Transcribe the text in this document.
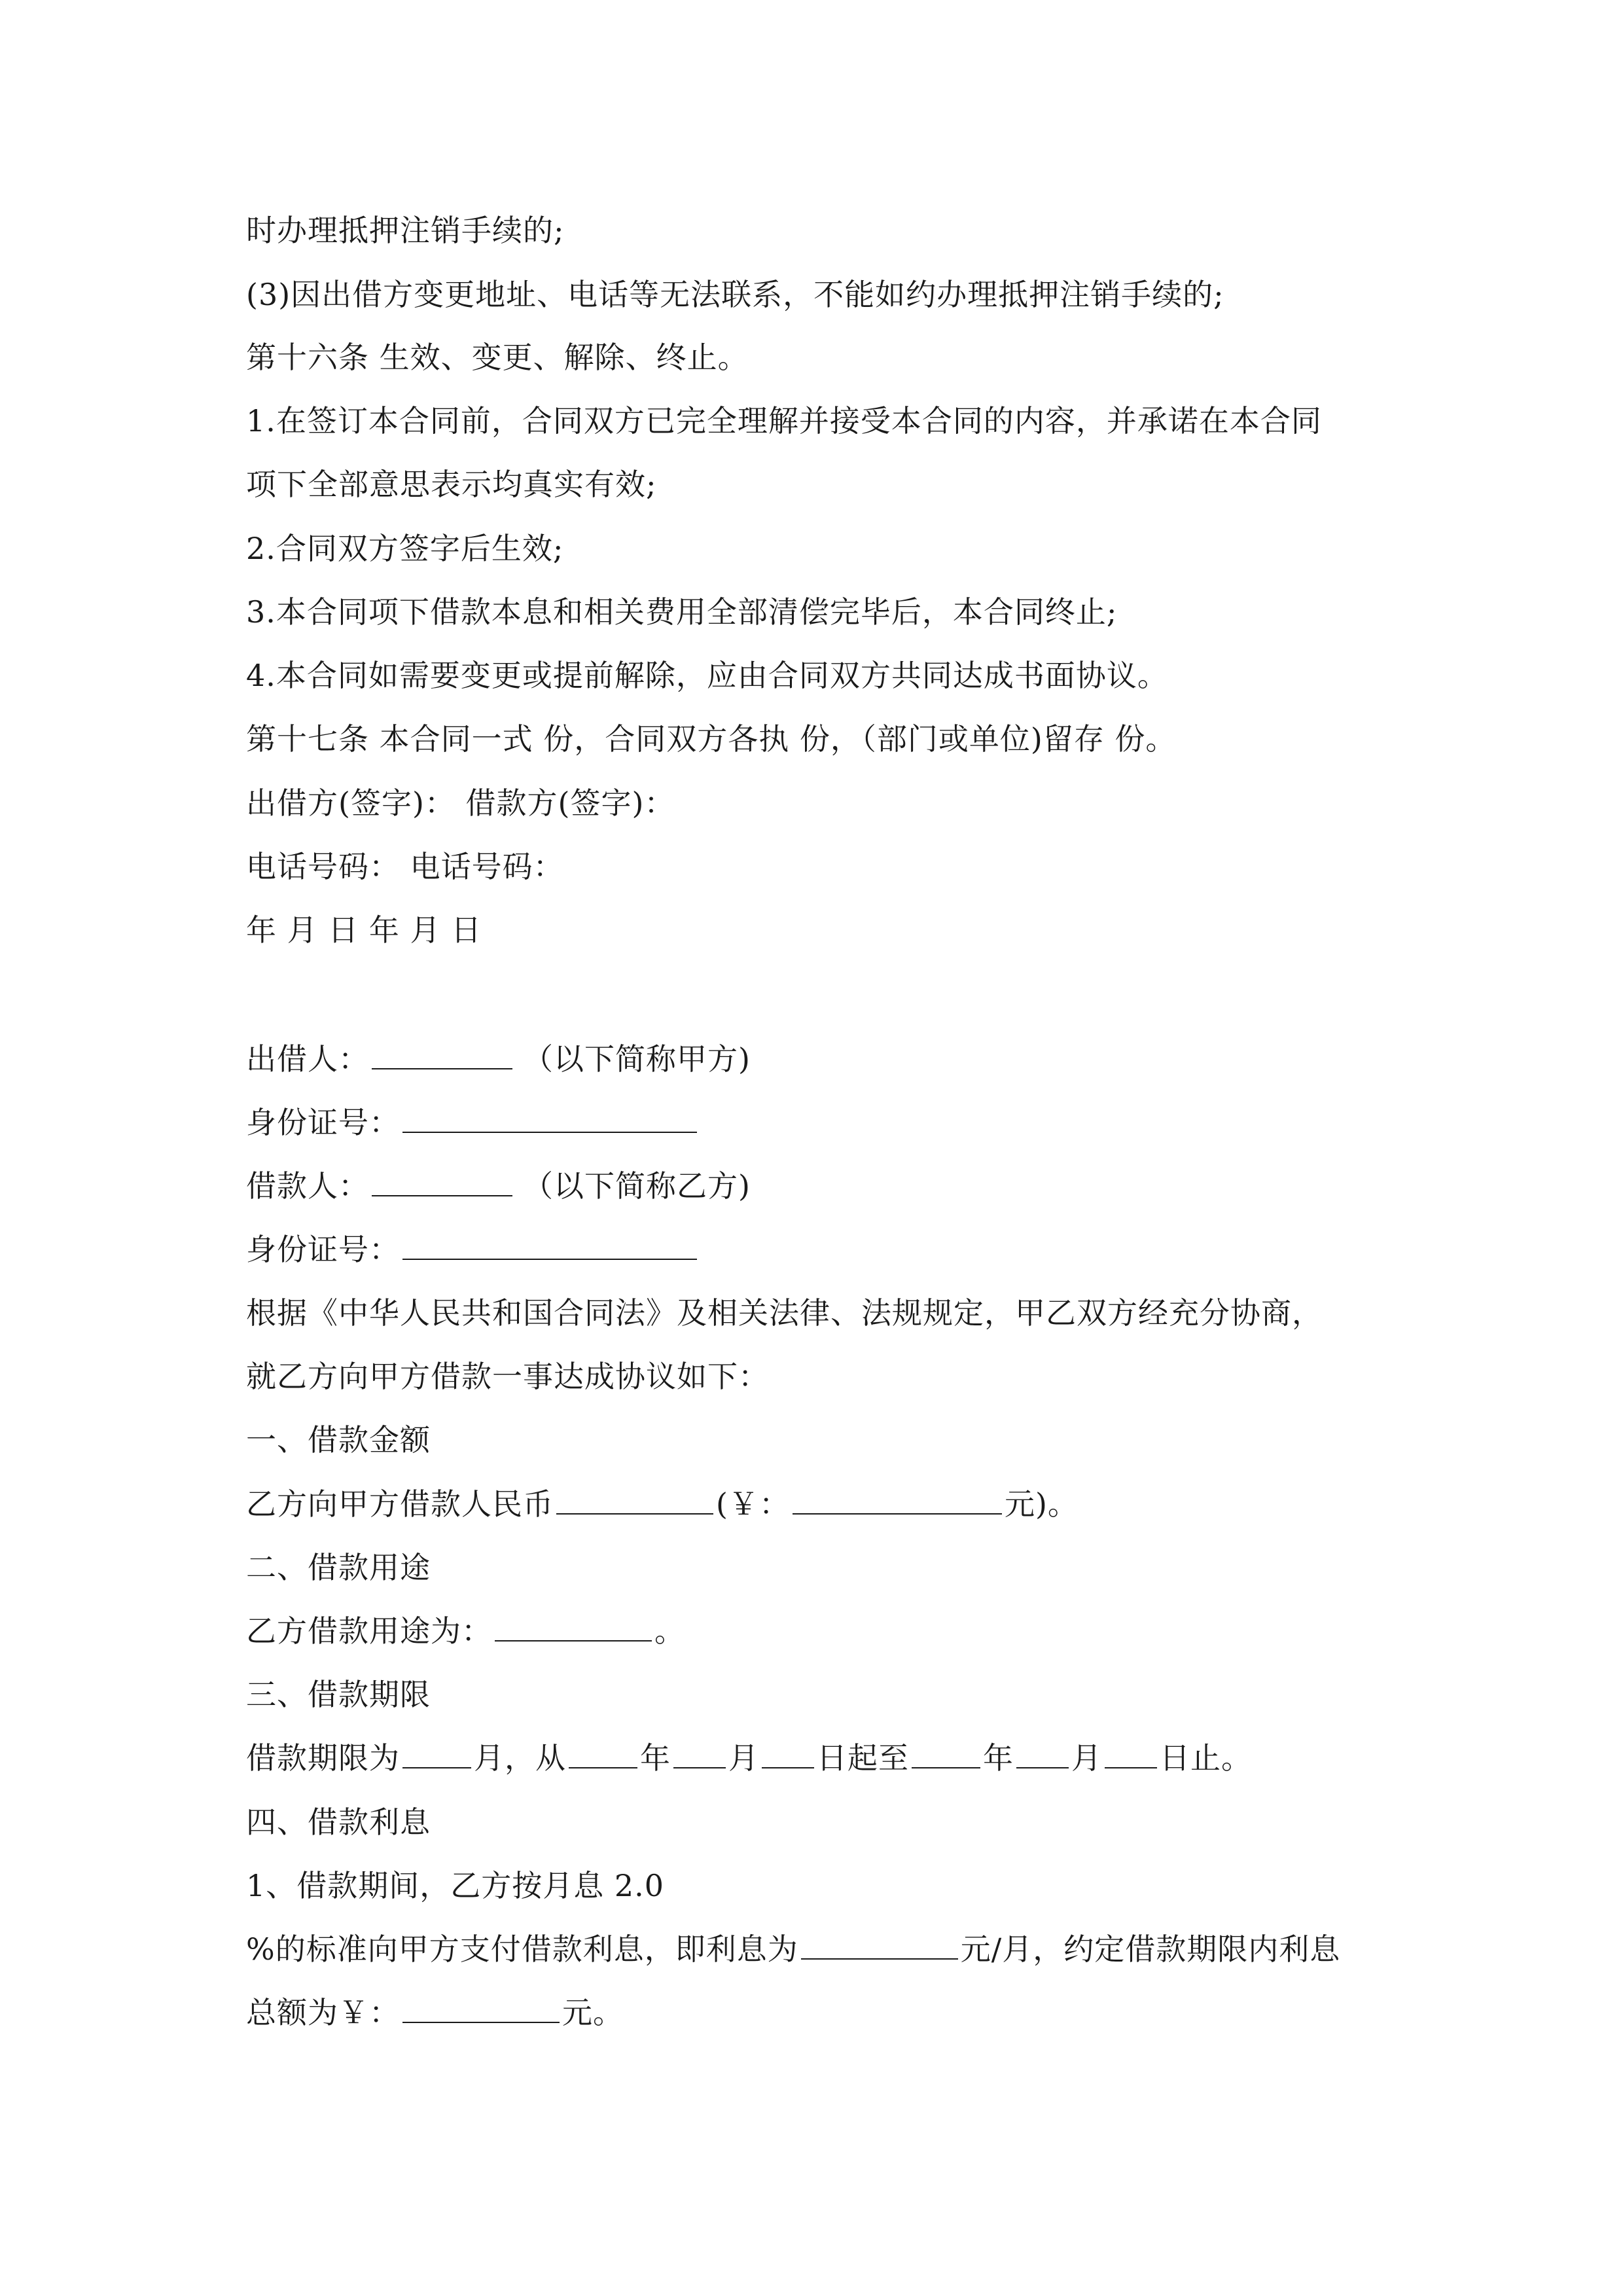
时办理抵押注销手续的;
(3)因出借方变更地址、电话等无法联系，不能如约办理抵押注销手续的;
第十六条 生效、变更、解除、终止。
1.在签订本合同前，合同双方已完全理解并接受本合同的内容，并承诺在本合同
项下全部意思表示均真实有效;
2.合同双方签字后生效;
3.本合同项下借款本息和相关费用全部清偿完毕后，本合同终止;
4.本合同如需要变更或提前解除，应由合同双方共同达成书面协议。
第十七条 本合同一式 份，合同双方各执 份，（部门或单位)留存 份。
出借方(签字)： 借款方(签字)：
电话号码： 电话号码：
年 月 日 年 月 日
出借人：	（以下简称甲方)
身份证号：
借款人：	（以下简称乙方)
身份证号：
根据《中华人民共和国合同法》及相关法律、法规规定，甲乙双方经充分协商，
就乙方向甲方借款一事达成协议如下：
一、借款金额
乙方向甲方借款人民币	(￥：	元)。
二、借款用途
乙方借款用途为：	。
三、借款期限
借款期限为 月，从 年 月 日起至 年 月 日止。
四、借款利息
1、借款期间，乙方按月息 2.0
%的标准向甲方支付借款利息，即利息为	元/月，约定借款期限内利息
总额为￥：	元。
